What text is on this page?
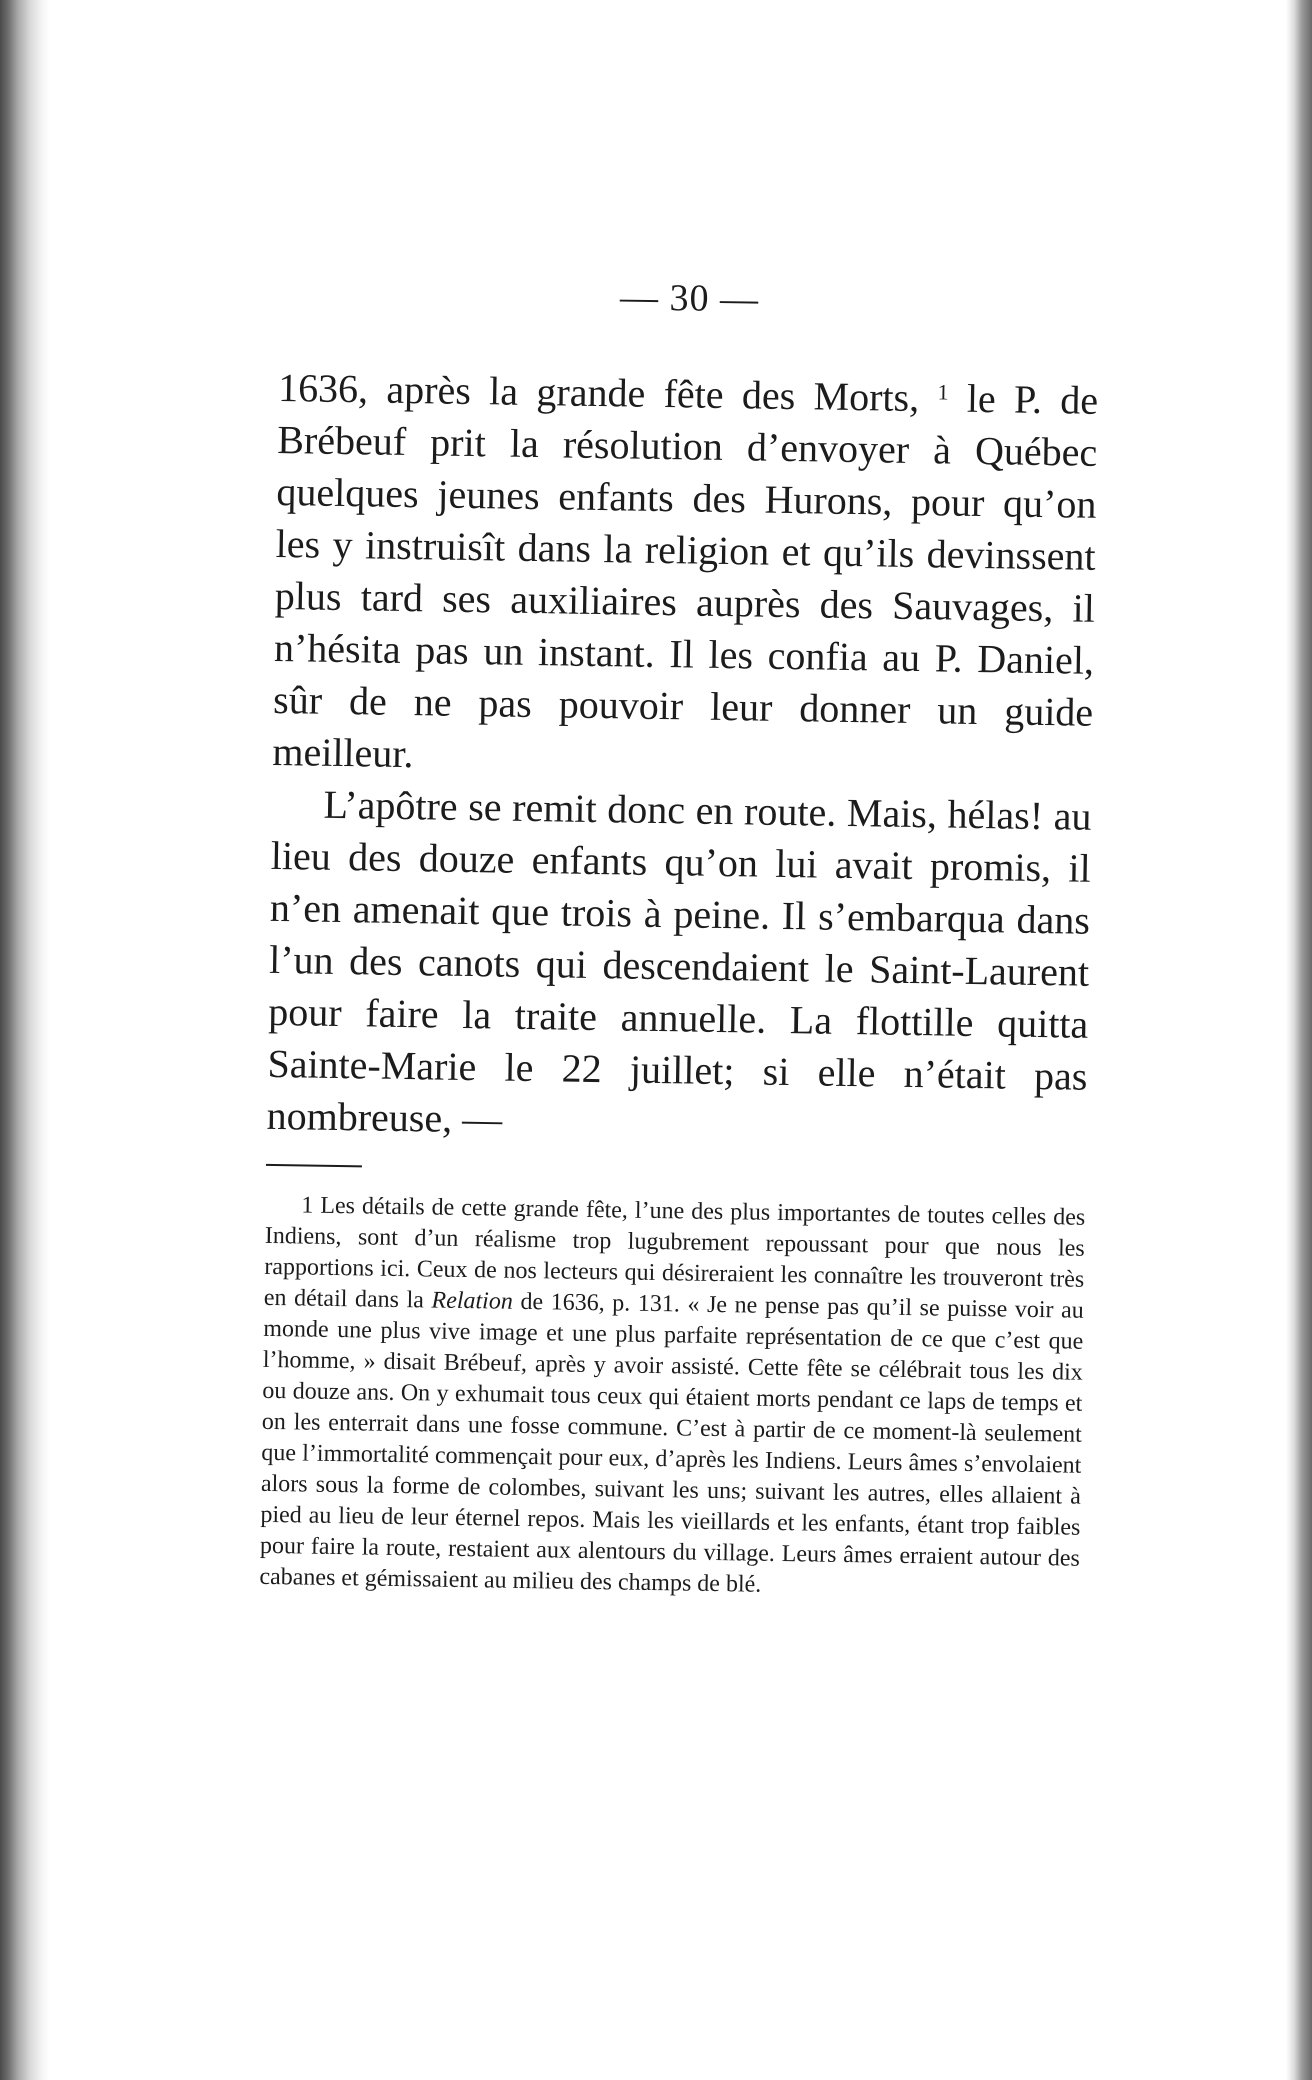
— 30 —

1636, après la grande fête des Morts, $^1$ le P. de Brébeuf prit la résolution d’envoyer à Québec quelques jeunes enfants des Hurons, pour qu’on les y instruisît dans la religion et qu’ils devinssent plus tard ses auxiliaires auprès des Sauvages, il n’hésita pas un instant. Il les confia au P. Daniel, sûr de ne pas pouvoir leur donner un guide meilleur.

L’apôtre se remit donc en route. Mais, hélas! au lieu des douze enfants qu’on lui avait promis, il n’en amenait que trois à peine. Il s’embarqua dans l’un des canots qui descendaient le Saint-Laurent pour faire la traite annuelle. La flottille quitta Sainte-Marie le 22 juillet; si elle n’était pas nombreuse, —

1 Les détails de cette grande fête, l’une des plus importantes de toutes celles des Indiens, sont d’un réalisme trop lugubrement repoussant pour que nous les rapportions ici. Ceux de nos lecteurs qui désireraient les connaître les trouveront très en détail dans la Relation de 1636, p. 131. « Je ne pense pas qu’il se puisse voir au monde une plus vive image et une plus parfaite représentation de ce que c’est que l’homme, » disait Brébeuf, après y avoir assisté. Cette fête se célébrait tous les dix ou douze ans. On y exhumait tous ceux qui étaient morts pendant ce laps de temps et on les enterrait dans une fosse commune. C’est à partir de ce moment-là seulement que l’immortalité commençait pour eux, d’après les Indiens. Leurs âmes s’envolaient alors sous la forme de colombes, suivant les uns; suivant les autres, elles allaient à pied au lieu de leur éternel repos. Mais les vieillards et les enfants, étant trop faibles pour faire la route, restaient aux alentours du village. Leurs âmes erraient autour des cabanes et gémissaient au milieu des champs de blé.
